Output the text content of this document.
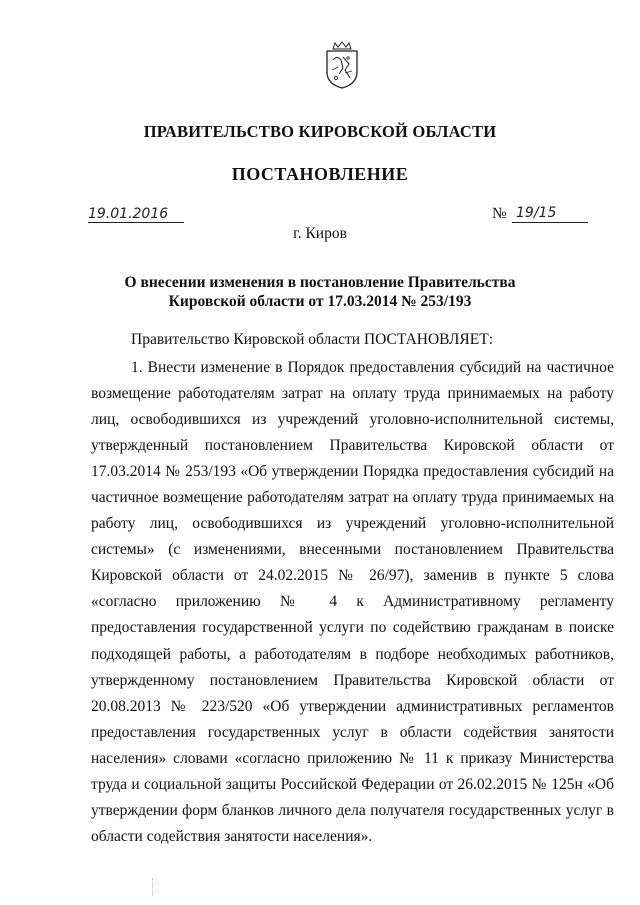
ПРАВИТЕЛЬСТВО КИРОВСКОЙ ОБЛАСТИ
ПОСТАНОВЛЕНИЕ
19.01.2016	№ 19/15
г. Киров
О внесении изменения в постановление Правительства
Кировской области от 17.03.2014 № 253/193

Правительство Кировской области ПОСТАНОВЛЯЕТ:

1. Внести изменение в Порядок предоставления субсидий на частичное возмещение работодателям затрат на оплату труда принимаемых на работу лиц, освободившихся из учреждений уголовно-исполнительной системы, утвержденный постановлением Правительства Кировской области от 17.03.2014 № 253/193 «Об утверждении Порядка предоставления субсидий на частичное возмещение работодателям затрат на оплату труда принимаемых на работу лиц, освободившихся из учреждений уголовно-исполнительной системы» (с изменениями, внесенными постановлением Правительства Кировской области от 24.02.2015 № 26/97), заменив в пункте 5 слова «согласно приложению № 4 к Административному регламенту предоставления государственной услуги по содействию гражданам в поиске подходящей работы, а работодателям в подборе необходимых работников, утвержденному постановлением Правительства Кировской области от 20.08.2013 № 223/520 «Об утверждении административных регламентов предоставления государственных услуг в области содействия занятости населения» словами «согласно приложению № 11 к приказу Министерства труда и социальной защиты Российской Федерации от 26.02.2015 № 125н «Об утверждении форм бланков личного дела получателя государственных услуг в области содействия занятости населения».
